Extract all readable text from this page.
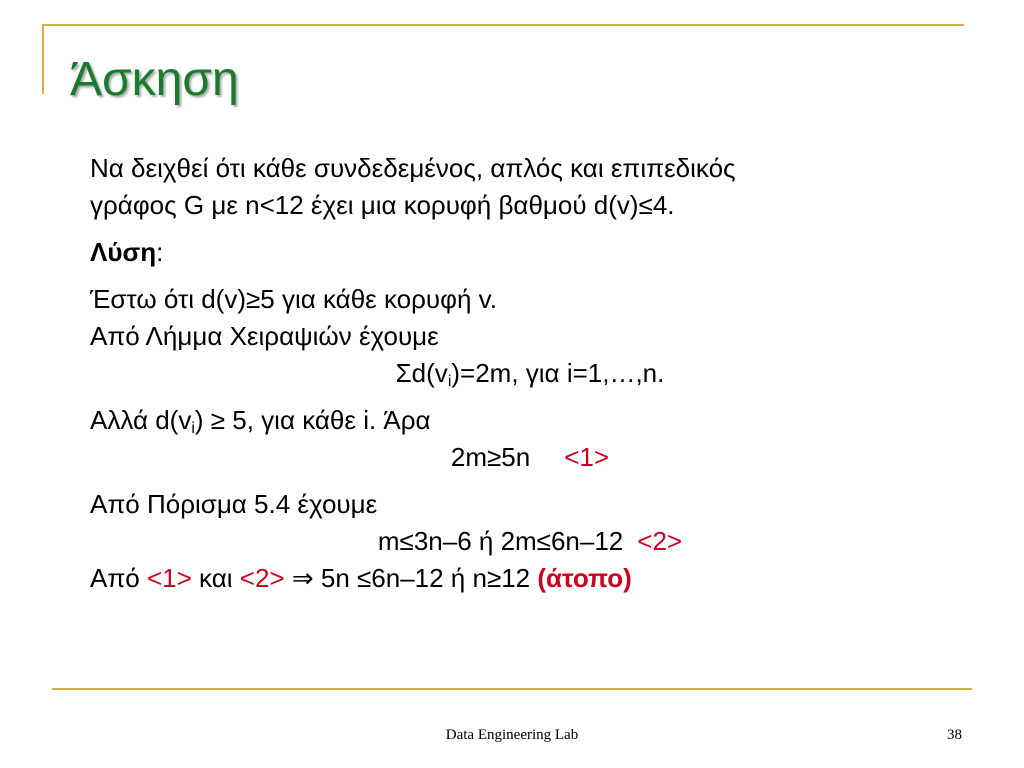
Άσκηση

Να δειχθεί ότι κάθε συνδεδεμένος, απλός και επιπεδικός

γράφος G με n<12 έχει μια κορυφή βαθμού d(v)≤4.

Λύση:

Έστω ότι d(v)≥5 για κάθε κορυφή v.

Από Λήμμα Χειραψιών έχουμε

$\Sigma d(v_i)=2m$, για i=1,…,n.

Αλλά $d(v_i) \ge 5$, για κάθε i. Άρα

2m≥5n <1>

Από Πόρισμα 5.4 έχουμε

m≤3n–6 ή 2m≤6n–12 <2>

Από <1> και <2> ⇒ 5n ≤6n–12 ή n≥12 (άτοπο)

Data Engineering Lab	38
